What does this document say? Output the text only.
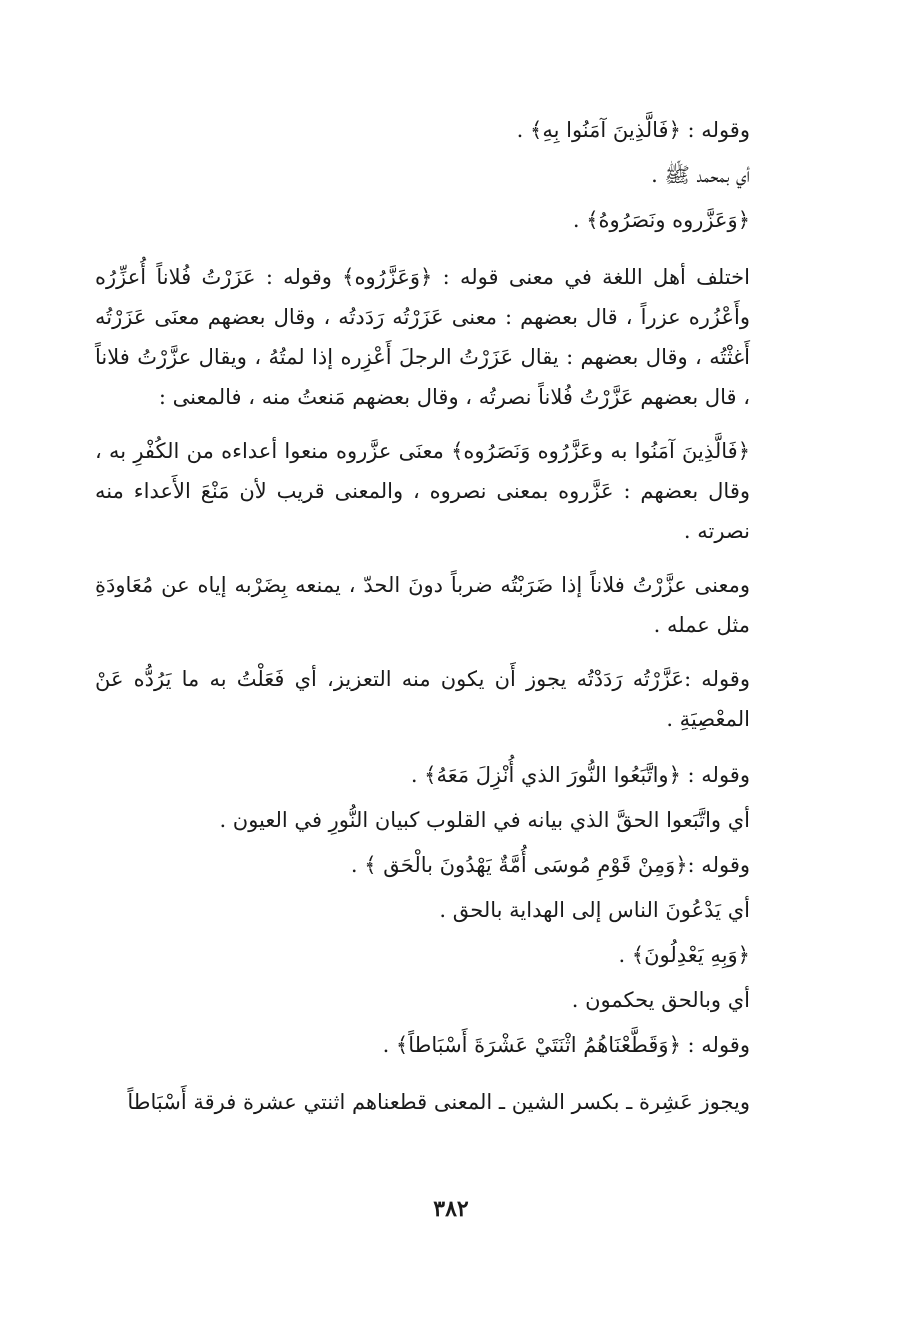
وقوله : ﴿فَالَّذِينَ آمَنُوا بِهِ﴾ .
أي بمحمد ﷺ .
﴿وَعَزَّروه ونَصَرُوهُ﴾ .

اختلف أهل اللغة في معنى قوله : ﴿وَعَزَّرُوه﴾ وقوله : عَزَرْتُ فُلاناً أُعزِّرُه وأَعْزُره عزراً ، قال بعضهم : معنى عَزَرْتُه رَدَدتُه ، وقال بعضهم معنَى عَزَرْتُه أَغثْتُه ، وقال بعضهم : يقال عَزَرْتُ الرجلَ أَعْزِره إذا لمتُهُ ، ويقال عزَّرْتُ فلاناً ، قال بعضهم عَزَّرْتُ فُلاناً نصرتُه ، وقال بعضهم مَنعتُ منه ، فالمعنى :

﴿فَالَّذِينَ آمَنُوا به وعَزَّرُوه وَنَصَرُوه﴾ معنَى عزَّروه منعوا أعداءه من الكُفْرِ به ، وقال بعضهم : عَزَّروه بمعنى نصروه ، والمعنى قريب لأن مَنْعَ الأَعداء منه نصرته .

ومعنى عزَّرْتُ فلاناً إذا ضَرَبْتُه ضرباً دونَ الحدّ ، يمنعه بِضَرْبه إياه عن مُعَاودَةِ مثل عمله .

وقوله :عَزَّرْتُه رَدَدْتُه يجوز أَن يكون منه التعزيز، أي فَعَلْتُ به ما يَرُدُّه عَنْ المعْصِيَةِ .

وقوله : ﴿واتَّبَعُوا النُّورَ الذي أُنْزِلَ مَعَهُ﴾ .
أي واتَّبَعوا الحقَّ الذي بيانه في القلوب كبيان النُّورِ في العيون .
وقوله :﴿وَمِنْ قَوْمِ مُوسَى أُمَّةٌ يَهْدُونَ بالْحَق ﴾ .
أي يَدْعُونَ الناس إلى الهداية بالحق .
﴿وَبِهِ يَعْدِلُونَ﴾ .
أي وبالحق يحكمون .
وقوله : ﴿وَقَطَّعْنَاهُمُ اثْنَتَيْ عَشْرَةَ أَسْبَاطاً﴾ .

ويجوز عَشِرة ـ بكسر الشين ـ المعنى قطعناهم اثنتي عشرة فرقة أَسْبَاطاً

٣٨٢
